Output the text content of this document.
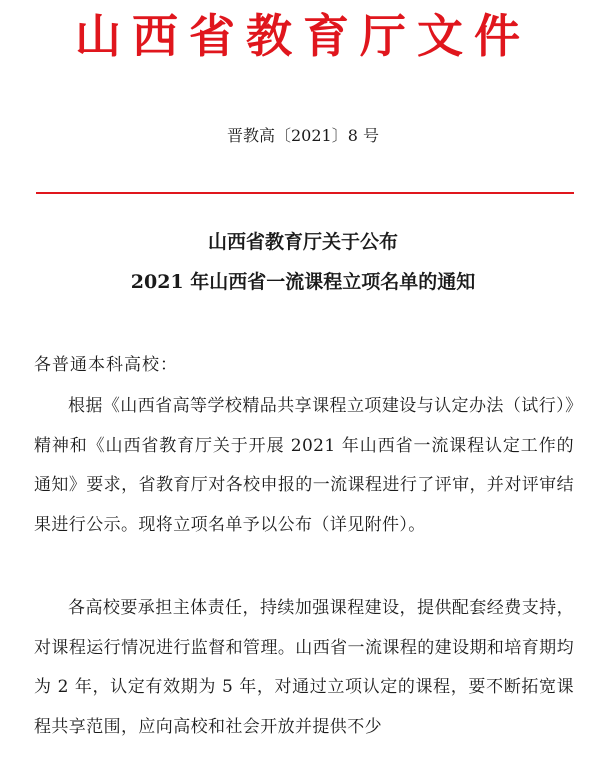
山西省教育厅文件
晋教高〔2021〕8 号
山西省教育厅关于公布
2021 年山西省一流课程立项名单的通知
各普通本科高校：

根据《山西省高等学校精品共享课程立项建设与认定办法（试行）》精神和《山西省教育厅关于开展 2021 年山西省一流课程认定工作的通知》要求，省教育厅对各校申报的一流课程进行了评审，并对评审结果进行公示。现将立项名单予以公布（详见附件）。

各高校要承担主体责任，持续加强课程建设，提供配套经费支持，对课程运行情况进行监督和管理。山西省一流课程的建设期和培育期均为 2 年，认定有效期为 5 年，对通过立项认定的课程，要不断拓宽课程共享范围，应向高校和社会开放并提供不少
